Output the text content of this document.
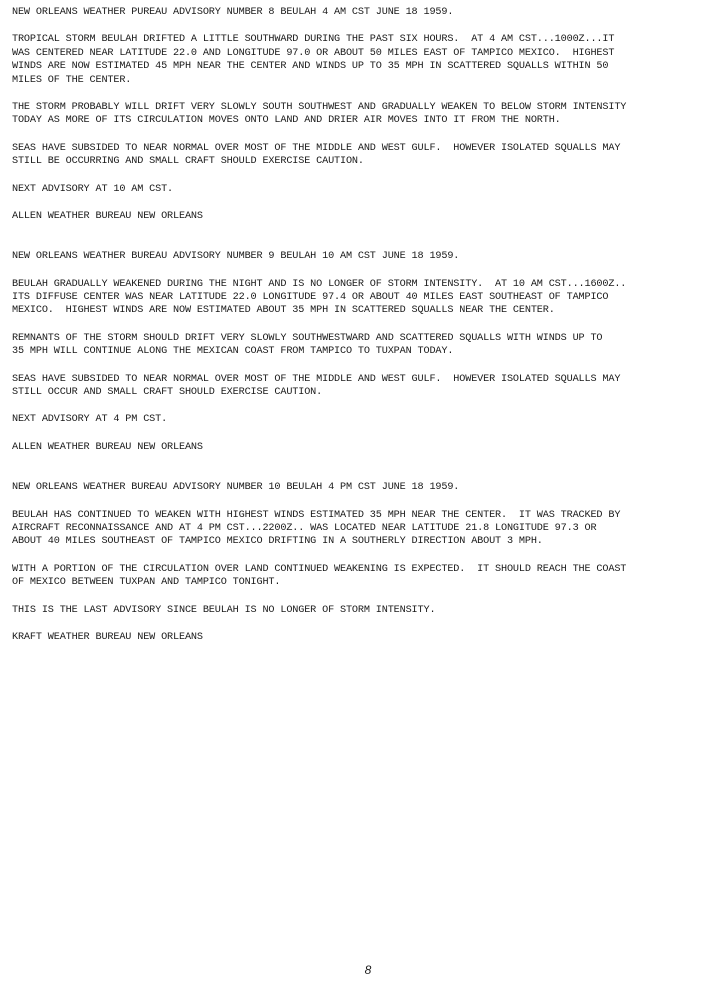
NEW ORLEANS WEATHER PUREAU ADVISORY NUMBER 8 BEULAH 4 AM CST JUNE 18 1959.
TROPICAL STORM BEULAH DRIFTED A LITTLE SOUTHWARD DURING THE PAST SIX HOURS.  AT 4 AM CST...1000Z...IT
WAS CENTERED NEAR LATITUDE 22.0 AND LONGITUDE 97.0 OR ABOUT 50 MILES EAST OF TAMPICO MEXICO.  HIGHEST
WINDS ARE NOW ESTIMATED 45 MPH NEAR THE CENTER AND WINDS UP TO 35 MPH IN SCATTERED SQUALLS WITHIN 50
MILES OF THE CENTER.
THE STORM PROBABLY WILL DRIFT VERY SLOWLY SOUTH SOUTHWEST AND GRADUALLY WEAKEN TO BELOW STORM INTENSITY
TODAY AS MORE OF ITS CIRCULATION MOVES ONTO LAND AND DRIER AIR MOVES INTO IT FROM THE NORTH.
SEAS HAVE SUBSIDED TO NEAR NORMAL OVER MOST OF THE MIDDLE AND WEST GULF.  HOWEVER ISOLATED SQUALLS MAY
STILL BE OCCURRING AND SMALL CRAFT SHOULD EXERCISE CAUTION.
NEXT ADVISORY AT 10 AM CST.
ALLEN WEATHER BUREAU NEW ORLEANS
NEW ORLEANS WEATHER BUREAU ADVISORY NUMBER 9 BEULAH 10 AM CST JUNE 18 1959.
BEULAH GRADUALLY WEAKENED DURING THE NIGHT AND IS NO LONGER OF STORM INTENSITY.  AT 10 AM CST...1600Z..
ITS DIFFUSE CENTER WAS NEAR LATITUDE 22.0 LONGITUDE 97.4 OR ABOUT 40 MILES EAST SOUTHEAST OF TAMPICO
MEXICO.  HIGHEST WINDS ARE NOW ESTIMATED ABOUT 35 MPH IN SCATTERED SQUALLS NEAR THE CENTER.
REMNANTS OF THE STORM SHOULD DRIFT VERY SLOWLY SOUTHWESTWARD AND SCATTERED SQUALLS WITH WINDS UP TO
35 MPH WILL CONTINUE ALONG THE MEXICAN COAST FROM TAMPICO TO TUXPAN TODAY.
SEAS HAVE SUBSIDED TO NEAR NORMAL OVER MOST OF THE MIDDLE AND WEST GULF.  HOWEVER ISOLATED SQUALLS MAY
STILL OCCUR AND SMALL CRAFT SHOULD EXERCISE CAUTION.
NEXT ADVISORY AT 4 PM CST.
ALLEN WEATHER BUREAU NEW ORLEANS
NEW ORLEANS WEATHER BUREAU ADVISORY NUMBER 10 BEULAH 4 PM CST JUNE 18 1959.
BEULAH HAS CONTINUED TO WEAKEN WITH HIGHEST WINDS ESTIMATED 35 MPH NEAR THE CENTER.  IT WAS TRACKED BY
AIRCRAFT RECONNAISSANCE AND AT 4 PM CST...2200Z.. WAS LOCATED NEAR LATITUDE 21.8 LONGITUDE 97.3 OR
ABOUT 40 MILES SOUTHEAST OF TAMPICO MEXICO DRIFTING IN A SOUTHERLY DIRECTION ABOUT 3 MPH.
WITH A PORTION OF THE CIRCULATION OVER LAND CONTINUED WEAKENING IS EXPECTED.  IT SHOULD REACH THE COAST
OF MEXICO BETWEEN TUXPAN AND TAMPICO TONIGHT.
THIS IS THE LAST ADVISORY SINCE BEULAH IS NO LONGER OF STORM INTENSITY.
KRAFT WEATHER BUREAU NEW ORLEANS
8
